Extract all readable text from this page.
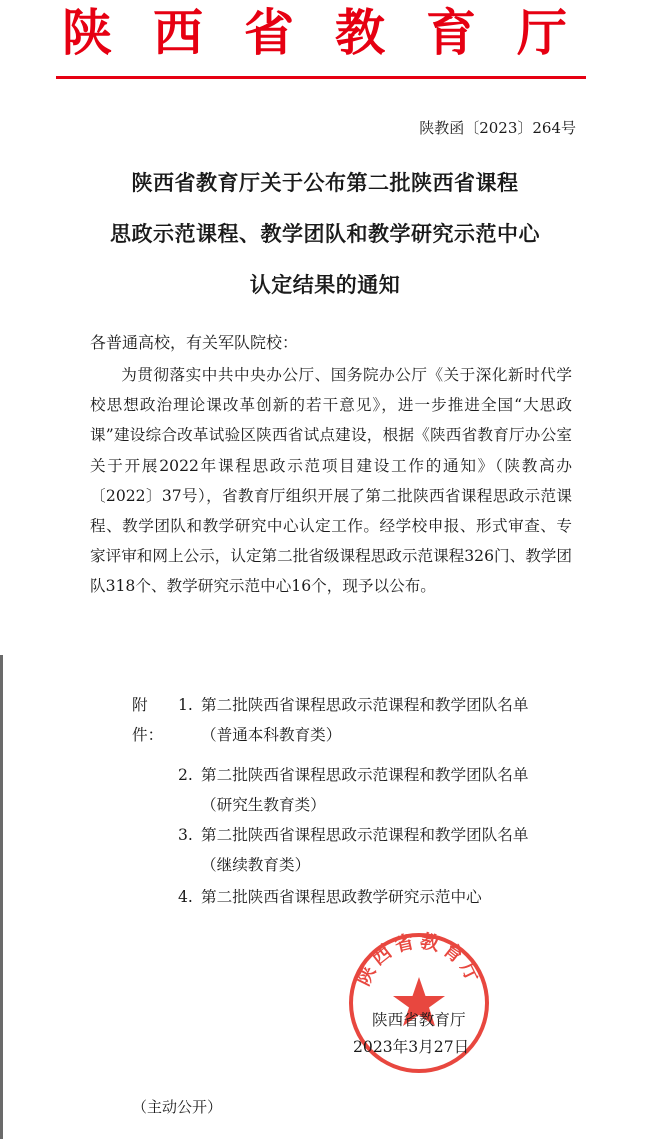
陕西省教育厅
陕教函〔2023〕264号
陕西省教育厅关于公布第二批陕西省课程
思政示范课程、教学团队和教学研究示范中心
认定结果的通知
各普通高校，有关军队院校：
为贯彻落实中共中央办公厅、国务院办公厅《关于深化新时代学校思想政治理论课改革创新的若干意见》，进一步推进全国“大思政课”建设综合改革试验区陕西省试点建设，根据《陕西省教育厅办公室关于开展2022年课程思政示范项目建设工作的通知》（陕教高办〔2022〕37号），省教育厅组织开展了第二批陕西省课程思政示范课程、教学团队和教学研究中心认定工作。经学校申报、形式审查、专家评审和网上公示，认定第二批省级课程思政示范课程326门、教学团队318个、教学研究示范中心16个，现予以公布。
附件：
1. 第二批陕西省课程思政示范课程和教学团队名单
（普通本科教育类）
2. 第二批陕西省课程思政示范课程和教学团队名单
（研究生教育类）
3. 第二批陕西省课程思政示范课程和教学团队名单
（继续教育类）
4. 第二批陕西省课程思政教学研究示范中心
陕西省教育厅
陕西省教育厅
2023年3月27日
（主动公开）
